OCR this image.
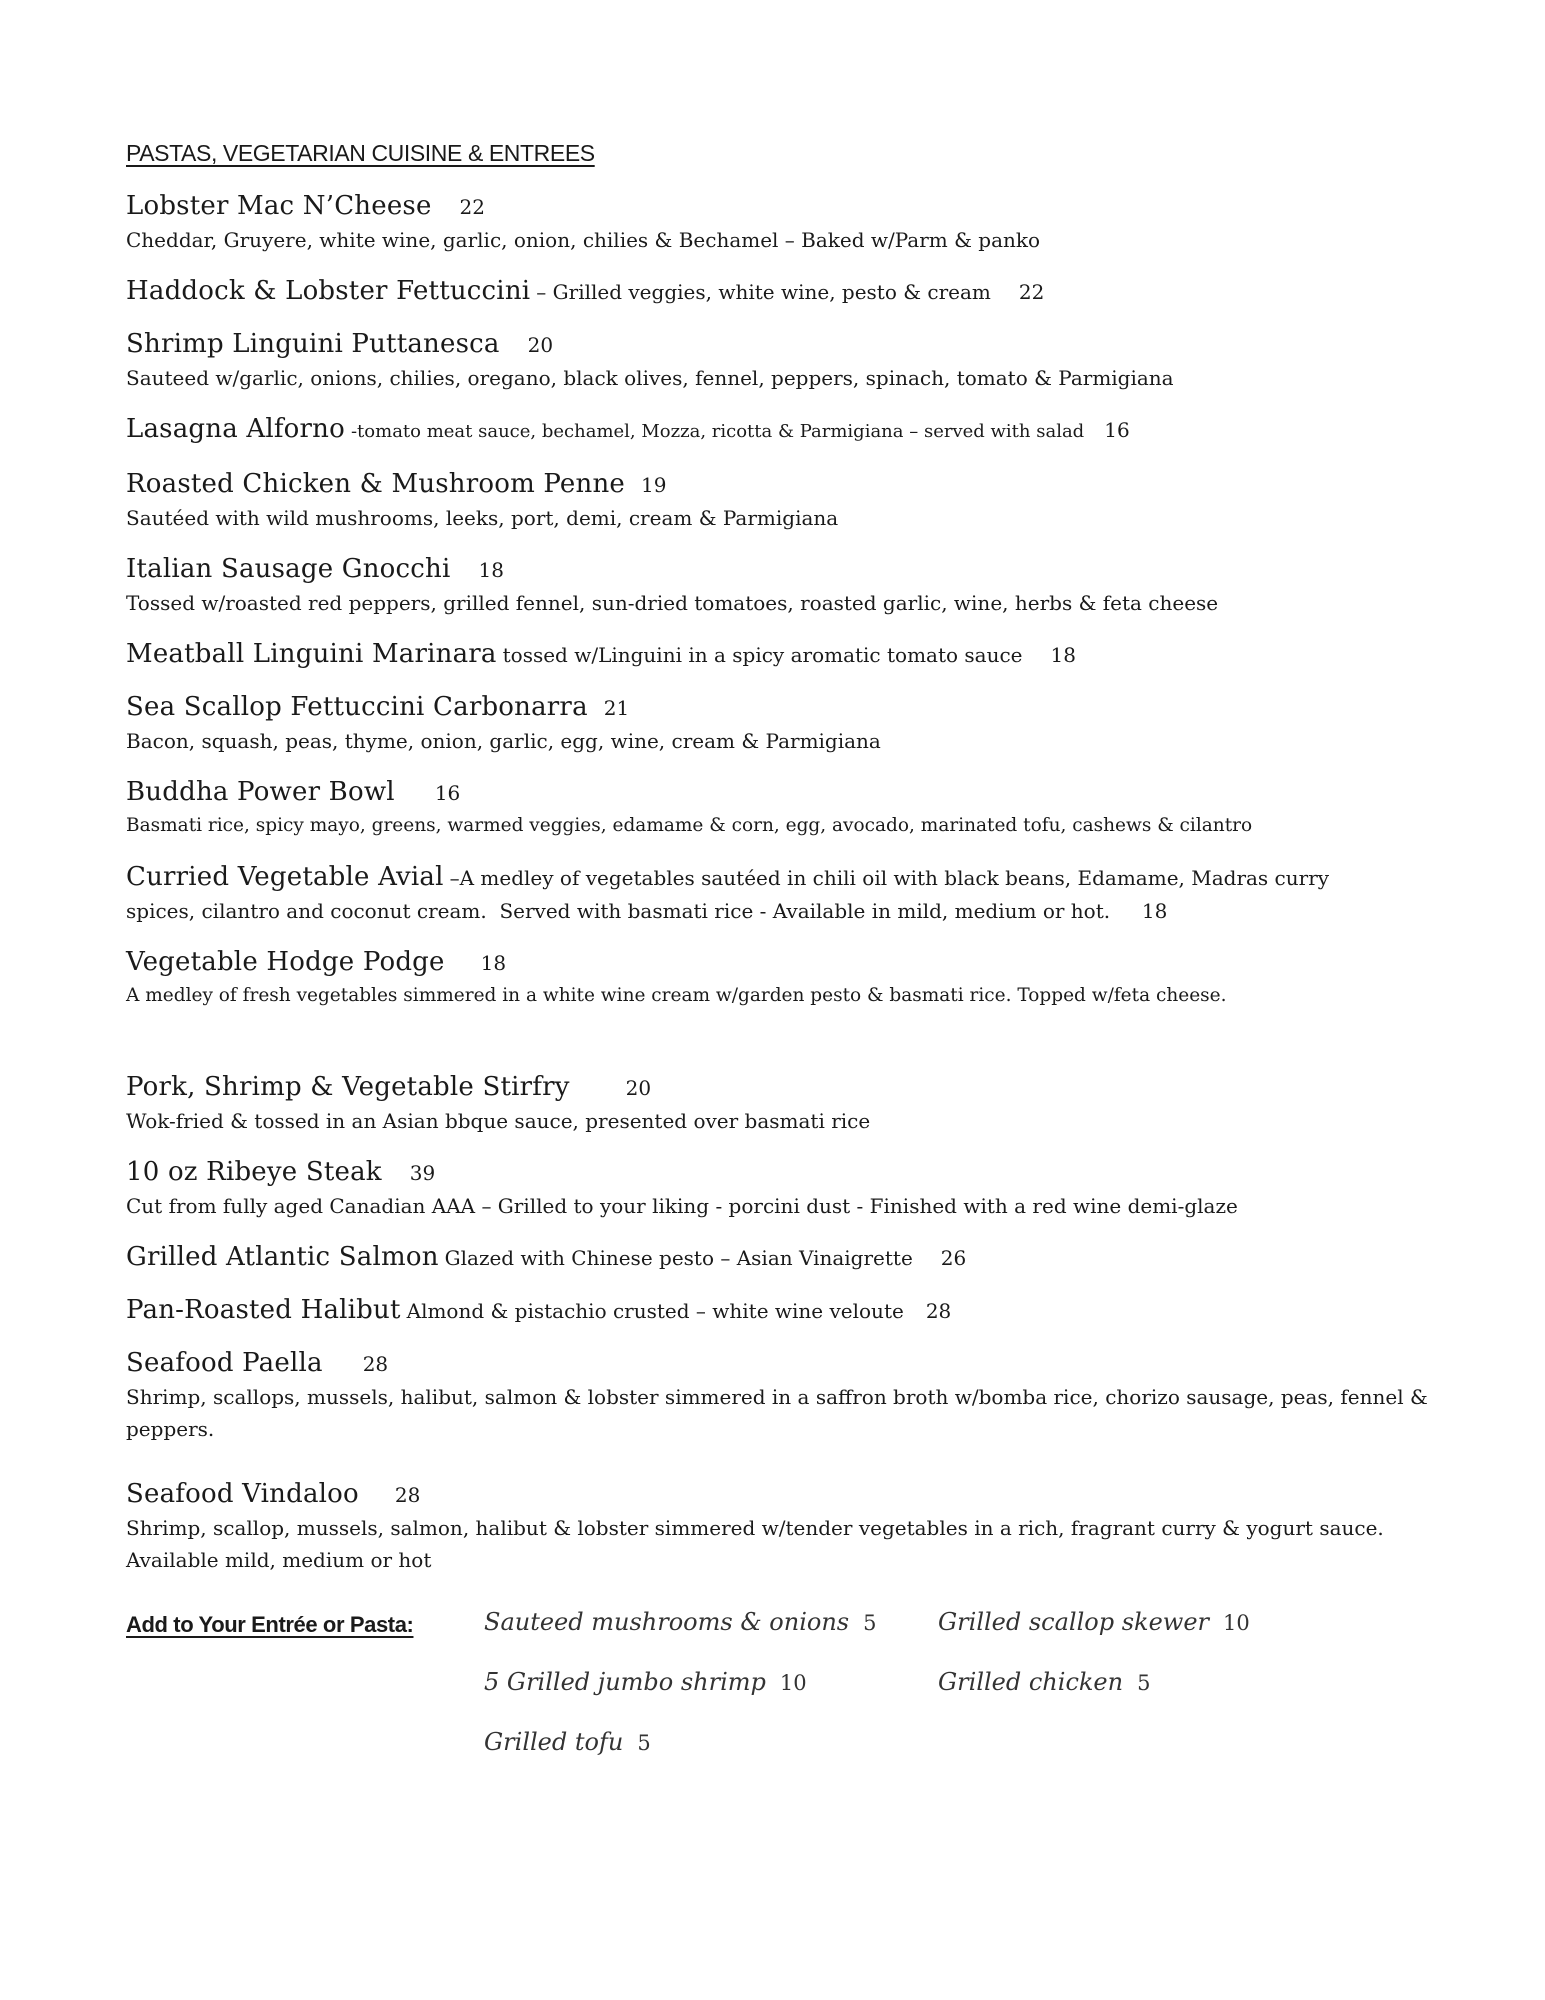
PASTAS, VEGETARIAN CUISINE & ENTREES
Lobster Mac N’Cheese 22
Cheddar, Gruyere, white wine, garlic, onion, chilies & Bechamel – Baked w/Parm & panko
Haddock & Lobster Fettuccini – Grilled veggies, white wine, pesto & cream 22
Shrimp Linguini Puttanesca 20
Sauteed w/garlic, onions, chilies, oregano, black olives, fennel, peppers, spinach, tomato & Parmigiana
Lasagna Alforno -tomato meat sauce, bechamel, Mozza, ricotta & Parmigiana – served with salad 16
Roasted Chicken & Mushroom Penne 19
Sautéed with wild mushrooms, leeks, port, demi, cream & Parmigiana
Italian Sausage Gnocchi 18
Tossed w/roasted red peppers, grilled fennel, sun-dried tomatoes, roasted garlic, wine, herbs & feta cheese
Meatball Linguini Marinara tossed w/Linguini in a spicy aromatic tomato sauce 18
Sea Scallop Fettuccini Carbonarra 21
Bacon, squash, peas, thyme, onion, garlic, egg, wine, cream & Parmigiana
Buddha Power Bowl 16
Basmati rice, spicy mayo, greens, warmed veggies, edamame & corn, egg, avocado, marinated tofu, cashews & cilantro
Curried Vegetable Avial –A medley of vegetables sautéed in chili oil with black beans, Edamame, Madras curry
spices, cilantro and coconut cream.  Served with basmati rice - Available in mild, medium or hot.     18
Vegetable Hodge Podge 18
A medley of fresh vegetables simmered in a white wine cream w/garden pesto & basmati rice. Topped w/feta cheese.
Pork, Shrimp & Vegetable Stirfry	20
Wok-fried & tossed in an Asian bbque sauce, presented over basmati rice
10 oz Ribeye Steak 39
Cut from fully aged Canadian AAA – Grilled to your liking - porcini dust - Finished with a red wine demi-glaze
Grilled Atlantic Salmon Glazed with Chinese pesto – Asian Vinaigrette 26
Pan-Roasted Halibut Almond & pistachio crusted – white wine veloute 28
Seafood Paella 28
Shrimp, scallops, mussels, halibut, salmon & lobster simmered in a saffron broth w/bomba rice, chorizo sausage, peas, fennel & peppers.
Seafood Vindaloo 28
Shrimp, scallop, mussels, salmon, halibut & lobster simmered w/tender vegetables in a rich, fragrant curry & yogurt sauce. Available mild, medium or hot
Add to Your Entrée or Pasta:	Sauteed mushrooms & onions 5	Grilled scallop skewer 10
5 Grilled jumbo shrimp 10	Grilled chicken 5
Grilled tofu 5
